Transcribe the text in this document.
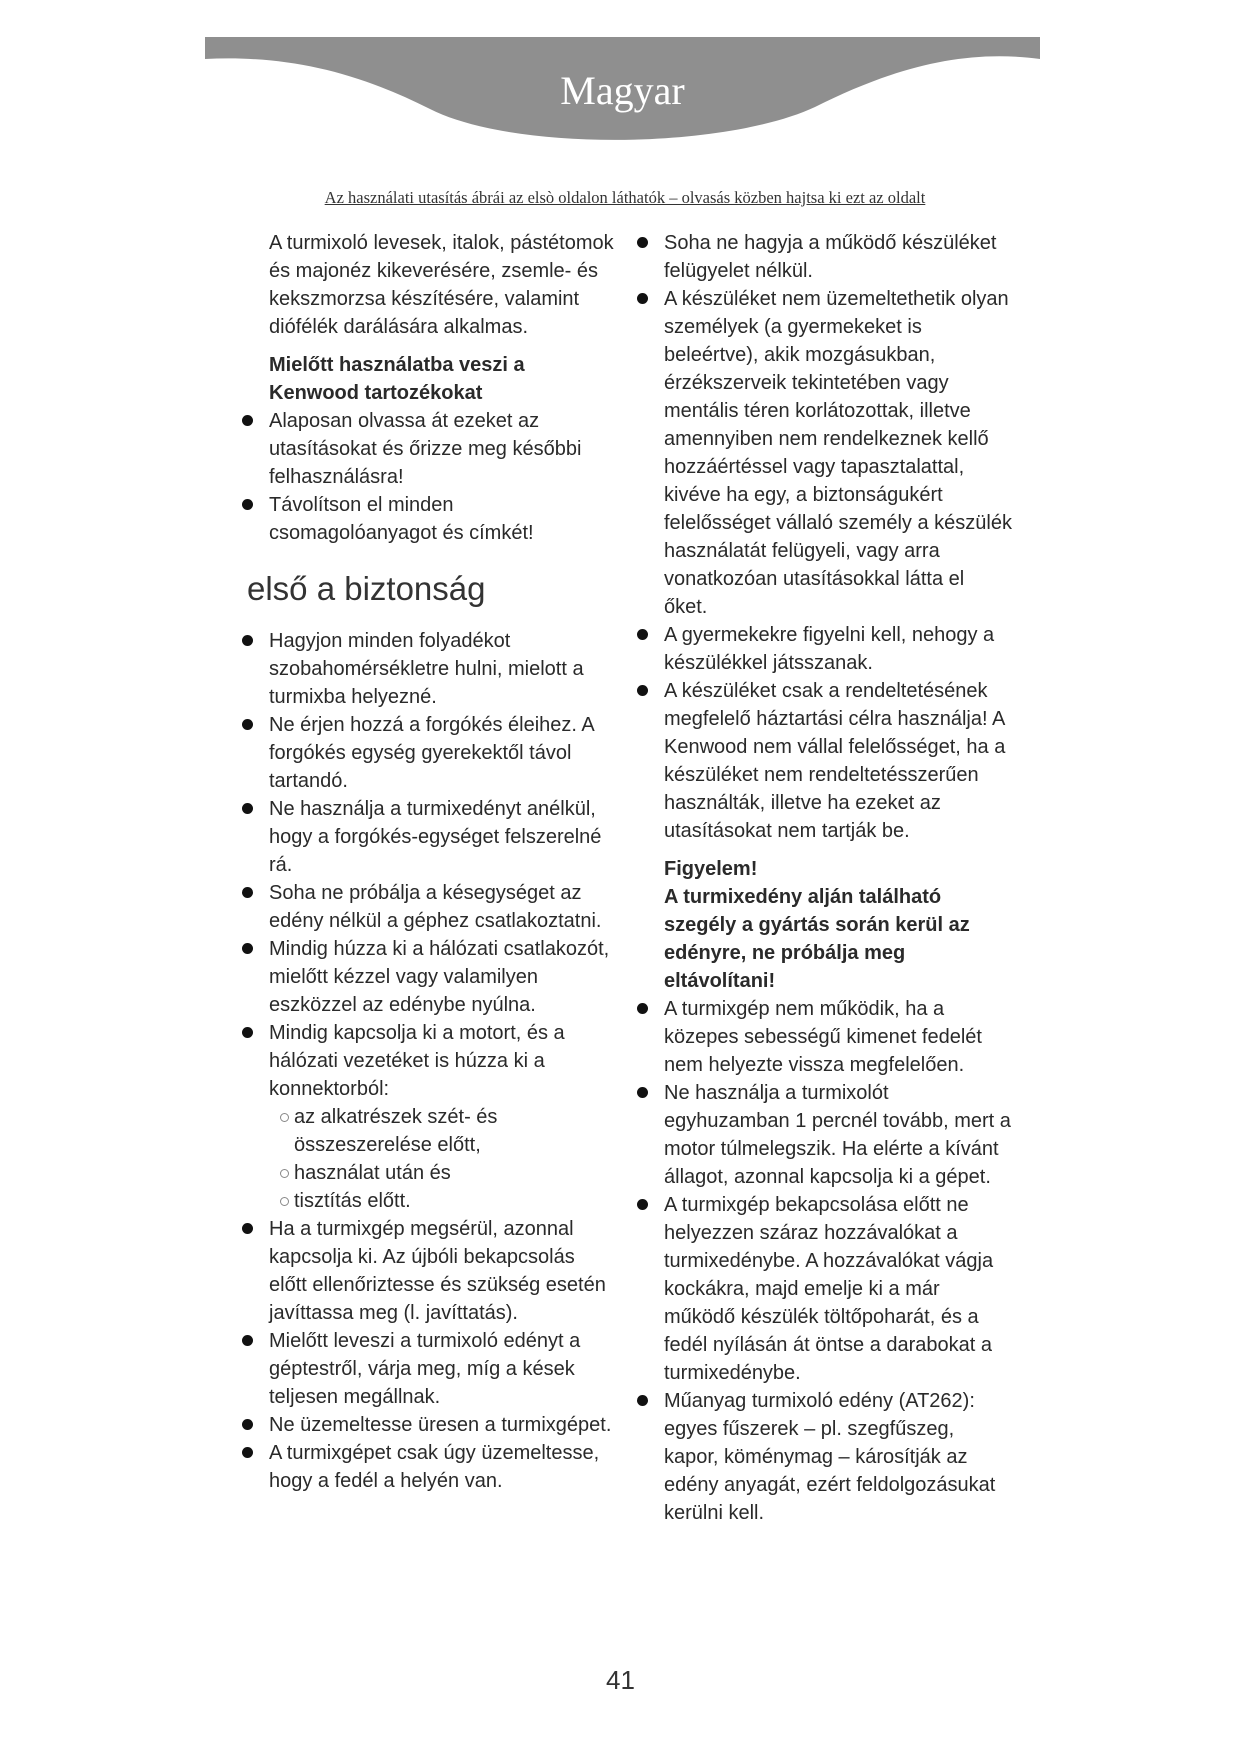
Magyar
Az használati utasítás ábrái az elsò oldalon láthatók – olvasás közben hajtsa ki ezt az oldalt

A turmixoló levesek, italok, pástétomok és majonéz kikeverésére, zsemle- és kekszmorzsa készítésére, valamint diófélék darálására alkalmas.

Mielőtt használatba veszi a Kenwood tartozékokat

Alaposan olvassa át ezeket az utasításokat és őrizze meg későbbi felhasználásra!
Távolítson el minden csomagolóanyagot és címkét!
első a biztonság
Hagyjon minden folyadékot szobahomérsékletre hulni, mielott a turmixba helyezné.
Ne érjen hozzá a forgókés éleihez. A forgókés egység gyerekektől távol tartandó.
Ne használja a turmixedényt anélkül, hogy a forgókés-egységet felszerelné rá.
Soha ne próbálja a késegységet az edény nélkül a géphez csatlakoztatni.
Mindig húzza ki a hálózati csatlakozót, mielőtt kézzel vagy valamilyen eszközzel az edénybe nyúlna.
Mindig kapcsolja ki a motort, és a hálózati vezetéket is húzza ki a konnektorból:
az alkatrészek szét- és összeszerelése előtt,
használat után és
tisztítás előtt.
Ha a turmixgép megsérül, azonnal kapcsolja ki. Az újbóli bekapcsolás előtt ellenőriztesse és szükség esetén javíttassa meg (l. javíttatás).
Mielőtt leveszi a turmixoló edényt a géptestről, várja meg, míg a kések teljesen megállnak.
Ne üzemeltesse üresen a turmixgépet.
A turmixgépet csak úgy üzemeltesse, hogy a fedél a helyén van.
Soha ne hagyja a működő készüléket felügyelet nélkül.
A készüléket nem üzemeltethetik olyan személyek (a gyermekeket is beleértve), akik mozgásukban, érzékszerveik tekintetében vagy mentális téren korlátozottak, illetve amennyiben nem rendelkeznek kellő hozzáértéssel vagy tapasztalattal, kivéve ha egy, a biztonságukért felelősséget vállaló személy a készülék használatát felügyeli, vagy arra vonatkozóan utasításokkal látta el őket.
A gyermekekre figyelni kell, nehogy a készülékkel játsszanak.
A készüléket csak a rendeltetésének megfelelő háztartási célra használja! A Kenwood nem vállal felelősséget, ha a készüléket nem rendeltetésszerűen használták, illetve ha ezeket az utasításokat nem tartják be.
Figyelem!
A turmixedény alján található szegély a gyártás során kerül az edényre, ne próbálja meg eltávolítani!
A turmixgép nem működik, ha a közepes sebességű kimenet fedelét nem helyezte vissza megfelelően.
Ne használja a turmixolót egyhuzamban 1 percnél tovább, mert a motor túlmelegszik. Ha elérte a kívánt állagot, azonnal kapcsolja ki a gépet.
A turmixgép bekapcsolása előtt ne helyezzen száraz hozzávalókat a turmixedénybe. A hozzávalókat vágja kockákra, majd emelje ki a már működő készülék töltőpoharát, és a fedél nyílásán át öntse a darabokat a turmixedénybe.
Műanyag turmixoló edény (AT262): egyes fűszerek – pl. szegfűszeg, kapor, köménymag – károsítják az edény anyagát, ezért feldolgozásukat kerülni kell.
41
